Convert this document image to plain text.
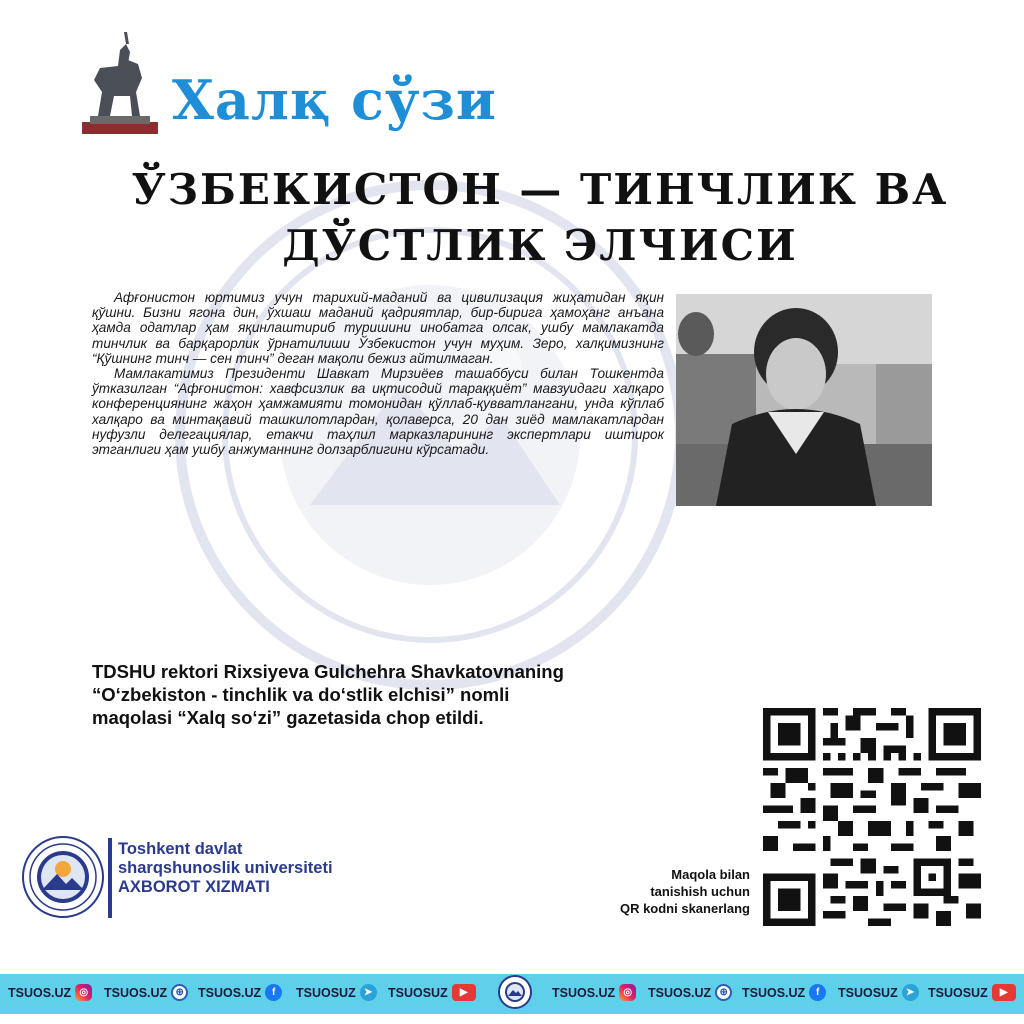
Халқ сўзи
ЎЗБЕКИСТОН — ТИНЧЛИК ВА
ДЎСТЛИК ЭЛЧИСИ

Афғонистон юртимиз учун тарихий-маданий ва цивилизация жиҳатидан яқин қўшни. Бизни ягона дин, ўхшаш маданий қадриятлар, бир-бирига ҳамоҳанг анъана ҳамда одатлар ҳам яқинлаштириб туришини инобатга олсак, ушбу мамлакатда тинчлик ва барқарорлик ўрнатилиши Ўзбекистон учун муҳим. Зеро, халқимизнинг “Қўшнинг тинч — сен тинч” деган мақоли бежиз айтилмаган.

Мамлакатимиз Президенти Шавкат Мирзиёев ташаббуси билан Тошкентда ўтказилган “Афғонистон: хавфсизлик ва иқтисодий тараққиёт” мавзуидаги халқаро конференциянинг жаҳон ҳамжамияти томонидан қўллаб-қувватлангани, унда кўплаб халқаро ва минтақавий ташкилотлардан, қолаверса, 20 дан зиёд мамлакатлардан нуфузли делегациялар, етакчи таҳлил марказларининг экспертлари иштирок этганлиги ҳам ушбу анжуманнинг долзарблигини кўрсатади.

TDSHU rektori Rixsiyeva Gulchehra Shavkatovnaning
“O‘zbekiston - tinchlik va do‘stlik elchisi” nomli
maqolasi “Xalq so‘zi” gazetasida chop etildi.
Maqola bilan
tanishish uchun
QR kodni skanerlang
Toshkent davlat
sharqshunoslik universiteti
AXBOROT XIZMATI
TSUOS.UZ ◎	TSUOS.UZ ⊕	TSUOS.UZ	f	TSUOSUZ ➤	TSUOSUZ	▶	TSUOS.UZ ◎	TSUOS.UZ ⊕	TSUOS.UZ	f	TSUOSUZ ➤	TSUOSUZ	▶
